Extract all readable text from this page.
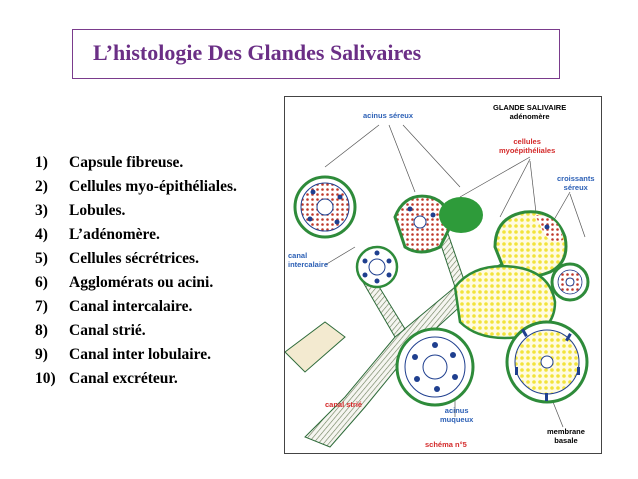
L’histologie Des Glandes Salivaires
1)	Capsule fibreuse.
2)	Cellules myo-épithéliales.
3)	Lobules.
4)	L’adénomère.
5)	Cellules sécrétrices.
6)	Agglomérats ou acini.
7)	Canal intercalaire.
8)	Canal strié.
9)	Canal inter lobulaire.
10) Canal excréteur.
GLANDE SALIVAIRE
adénomère
acinus séreux
cellules
myoépithéliales
croissants
séreux
canal
intercalaire
canal strié
acinus
muqueux
membrane
basale
schéma n°5
